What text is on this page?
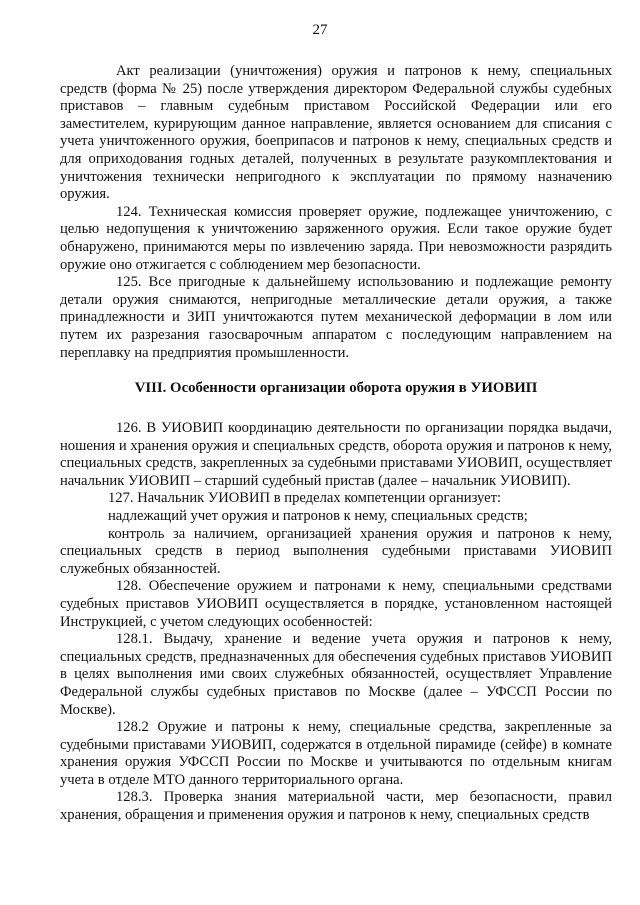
27

Акт реализации (уничтожения) оружия и патронов к нему, специальных средств (форма № 25) после утверждения директором Федеральной службы судебных приставов – главным судебным приставом Российской Федерации или его заместителем, курирующим данное направление, является основанием для списания с учета уничтоженного оружия, боеприпасов и патронов к нему, специальных средств и для оприходования годных деталей, полученных в результате разукомплектования и уничтожения технически непригодного к эксплуатации по прямому назначению оружия.

124. Техническая комиссия проверяет оружие, подлежащее уничтожению, с целью недопущения к уничтожению заряженного оружия. Если такое оружие будет обнаружено, принимаются меры по извлечению заряда. При невозможности разрядить оружие оно отжигается с соблюдением мер безопасности.

125. Все пригодные к дальнейшему использованию и подлежащие ремонту детали оружия снимаются, непригодные металлические детали оружия, а также принадлежности и ЗИП уничтожаются путем механической деформации в лом или путем их разрезания газосварочным аппаратом с последующим направлением на переплавку на предприятия промышленности.

VIII. Особенности организации оборота оружия в УИОВИП

126. В УИОВИП координацию деятельности по организации порядка выдачи, ношения и хранения оружия и специальных средств, оборота оружия и патронов к нему, специальных средств, закрепленных за судебными приставами УИОВИП, осуществляет начальник УИОВИП – старший судебный пристав (далее – начальник УИОВИП).

127. Начальник УИОВИП в пределах компетенции организует:

надлежащий учет оружия и патронов к нему, специальных средств;

контроль за наличием, организацией хранения оружия и патронов к нему, специальных средств в период выполнения судебными приставами УИОВИП служебных обязанностей.

128. Обеспечение оружием и патронами к нему, специальными средствами судебных приставов УИОВИП осуществляется в порядке, установленном настоящей Инструкцией, с учетом следующих особенностей:

128.1. Выдачу, хранение и ведение учета оружия и патронов к нему, специальных средств, предназначенных для обеспечения судебных приставов УИОВИП в целях выполнения ими своих служебных обязанностей, осуществляет Управление Федеральной службы судебных приставов по Москве (далее – УФССП России по Москве).

128.2 Оружие и патроны к нему, специальные средства, закрепленные за судебными приставами УИОВИП, содержатся в отдельной пирамиде (сейфе) в комнате хранения оружия УФССП России по Москве и учитываются по отдельным книгам учета в отделе МТО данного территориального органа.

128.3. Проверка знания материальной части, мер безопасности, правил хранения, обращения и применения оружия и патронов к нему, специальных средств
